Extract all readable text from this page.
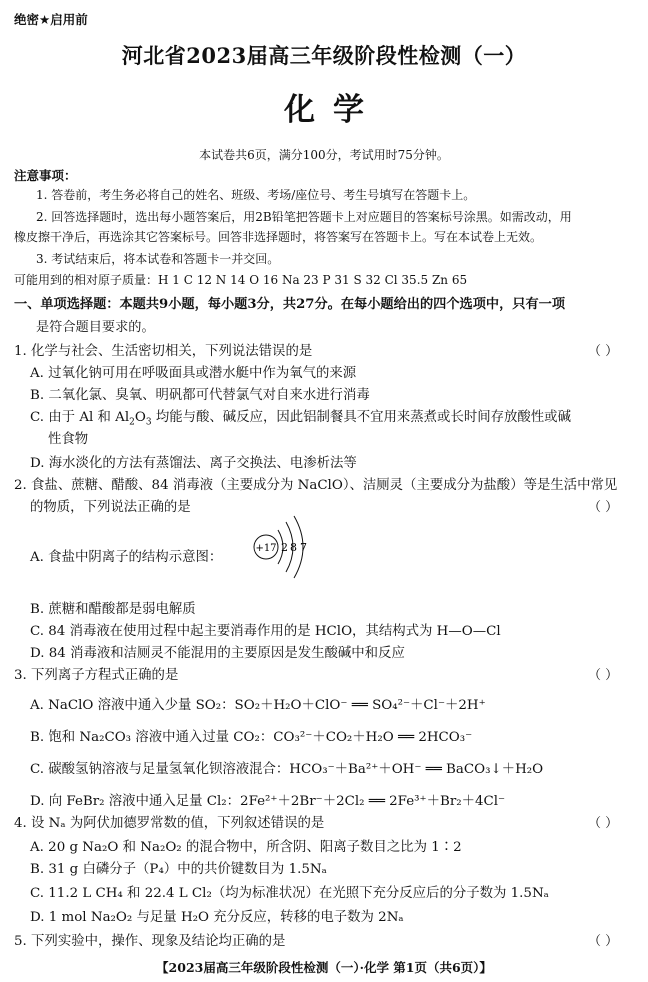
绝密★启用前
河北省2023届高三年级阶段性检测（一）
化学
本试卷共6页，满分100分，考试用时75分钟。
注意事项：
1. 答卷前，考生务必将自己的姓名、班级、考场/座位号、考生号填写在答题卡上。
2. 回答选择题时，选出每小题答案后，用2B铅笔把答题卡上对应题目的答案标号涂黑。如需改动，用
橡皮擦干净后，再选涂其它答案标号。回答非选择题时，将答案写在答题卡上。写在本试卷上无效。
3. 考试结束后，将本试卷和答题卡一并交回。
可能用到的相对原子质量：H 1 C 12 N 14 O 16 Na 23 P 31 S 32 Cl 35.5 Zn 65
一、单项选择题：本题共9小题，每小题3分，共27分。在每小题给出的四个选项中，只有一项
是符合题目要求的。
1. 化学与社会、生活密切相关，下列说法错误的是	（ ）
A. 过氧化钠可用在呼吸面具或潜水艇中作为氧气的来源
B. 二氧化氯、臭氧、明矾都可代替氯气对自来水进行消毒
C. 由于 Al 和 $Al_2O_3$ 均能与酸、碱反应，因此铝制餐具不宜用来蒸煮或长时间存放酸性或碱
性食物
D. 海水淡化的方法有蒸馏法、离子交换法、电渗析法等
2. 食盐、蔗糖、醋酸、84 消毒液（主要成分为 NaClO）、洁厕灵（主要成分为盐酸）等是生活中常见
的物质，下列说法正确的是	（ ）
A. 食盐中阴离子的结构示意图：
+17 2 8 7
B. 蔗糖和醋酸都是弱电解质
C. 84 消毒液在使用过程中起主要消毒作用的是 HClO，其结构式为 H—O—Cl
D. 84 消毒液和洁厕灵不能混用的主要原因是发生酸碱中和反应
3. 下列离子方程式正确的是	（ ）
A. NaClO 溶液中通入少量 SO₂：SO₂＋H₂O＋ClO⁻ ══ SO₄²⁻＋Cl⁻＋2H⁺
B. 饱和 Na₂CO₃ 溶液中通入过量 CO₂：CO₃²⁻＋CO₂＋H₂O ══ 2HCO₃⁻
C. 碳酸氢钠溶液与足量氢氧化钡溶液混合：HCO₃⁻＋Ba²⁺＋OH⁻ ══ BaCO₃↓＋H₂O
D. 向 FeBr₂ 溶液中通入足量 Cl₂：2Fe²⁺＋2Br⁻＋2Cl₂ ══ 2Fe³⁺＋Br₂＋4Cl⁻
4. 设 Nₐ 为阿伏加德罗常数的值，下列叙述错误的是	（ ）
A. 20 g Na₂O 和 Na₂O₂ 的混合物中，所含阴、阳离子数目之比为 1∶2
B. 31 g 白磷分子（P₄）中的共价键数目为 1.5Nₐ
C. 11.2 L CH₄ 和 22.4 L Cl₂（均为标准状况）在光照下充分反应后的分子数为 1.5Nₐ
D. 1 mol Na₂O₂ 与足量 H₂O 充分反应，转移的电子数为 2Nₐ
5. 下列实验中，操作、现象及结论均正确的是	（ ）
【2023届高三年级阶段性检测（一）·化学 第1页（共6页）】
